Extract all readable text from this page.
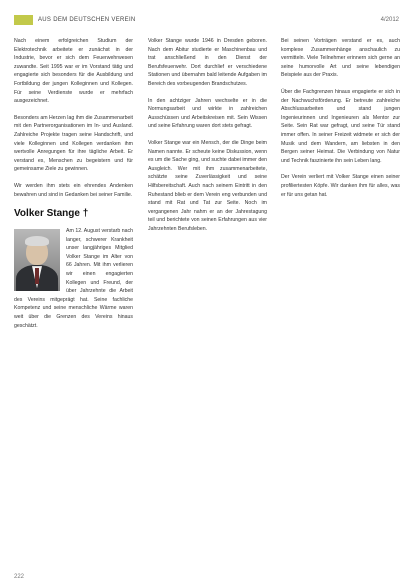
AUS DEM DEUTSCHEN VEREIN	4/2012

Nach einem erfolgreichen Studium der Elektrotechnik arbeitete er zunächst in der Industrie, bevor er sich dem Feuerwehrwesen zuwandte. Seit 1995 war er im Vorstand tätig und engagierte sich besonders für die Ausbildung und Fortbildung der jungen Kolleginnen und Kollegen. Für seine Verdienste wurde er mehrfach ausgezeichnet.

Besonders am Herzen lag ihm die Zusammenarbeit mit den Partnerorganisationen im In- und Ausland. Zahlreiche Projekte tragen seine Handschrift, und viele Kolleginnen und Kollegen verdanken ihm wertvolle Anregungen für ihre tägliche Arbeit. Er verstand es, Menschen zu begeistern und für gemeinsame Ziele zu gewinnen.

Wir werden ihm stets ein ehrendes Andenken bewahren und sind in Gedanken bei seiner Familie.

Volker Stange †

Am 12. August verstarb nach langer, schwerer Krankheit unser langjähriges Mitglied Volker Stange im Alter von 66 Jahren. Mit ihm verlieren wir einen engagierten Kollegen und Freund, der über Jahrzehnte die Arbeit des Vereins mitgeprägt hat. Seine fachliche Kompetenz und seine menschliche Wärme waren weit über die Grenzen des Vereins hinaus geschätzt.

Volker Stange wurde 1946 in Dresden geboren. Nach dem Abitur studierte er Maschinenbau und trat anschließend in den Dienst der Berufsfeuerwehr. Dort durchlief er verschiedene Stationen und übernahm bald leitende Aufgaben im Bereich des vorbeugenden Brandschutzes.

In den achtziger Jahren wechselte er in die Normungsarbeit und wirkte in zahlreichen Ausschüssen und Arbeitskreisen mit. Sein Wissen und seine Erfahrung waren dort stets gefragt.

Volker Stange war ein Mensch, der die Dinge beim Namen nannte. Er scheute keine Diskussion, wenn es um die Sache ging, und suchte dabei immer den Ausgleich. Wer mit ihm zusammenarbeitete, schätzte seine Zuverlässigkeit und seine Hilfsbereitschaft. Auch nach seinem Eintritt in den Ruhestand blieb er dem Verein eng verbunden und stand mit Rat und Tat zur Seite. Noch im vergangenen Jahr nahm er an der Jahrestagung teil und berichtete von seinen Erfahrungen aus vier Jahrzehnten Berufsleben.

Bei seinen Vorträgen verstand er es, auch komplexe Zusammenhänge anschaulich zu vermitteln. Viele Teilnehmer erinnern sich gerne an seine humorvolle Art und seine lebendigen Beispiele aus der Praxis.

Über die Fachgrenzen hinaus engagierte er sich in der Nachwuchsförderung. Er betreute zahlreiche Abschlussarbeiten und stand jungen Ingenieurinnen und Ingenieuren als Mentor zur Seite. Sein Rat war gefragt, und seine Tür stand immer offen. In seiner Freizeit widmete er sich der Musik und dem Wandern, am liebsten in den Bergen seiner Heimat. Die Verbindung von Natur und Technik faszinierte ihn sein Leben lang.

Der Verein verliert mit Volker Stange einen seiner profiliertesten Köpfe. Wir danken ihm für alles, was er für uns getan hat.

222
